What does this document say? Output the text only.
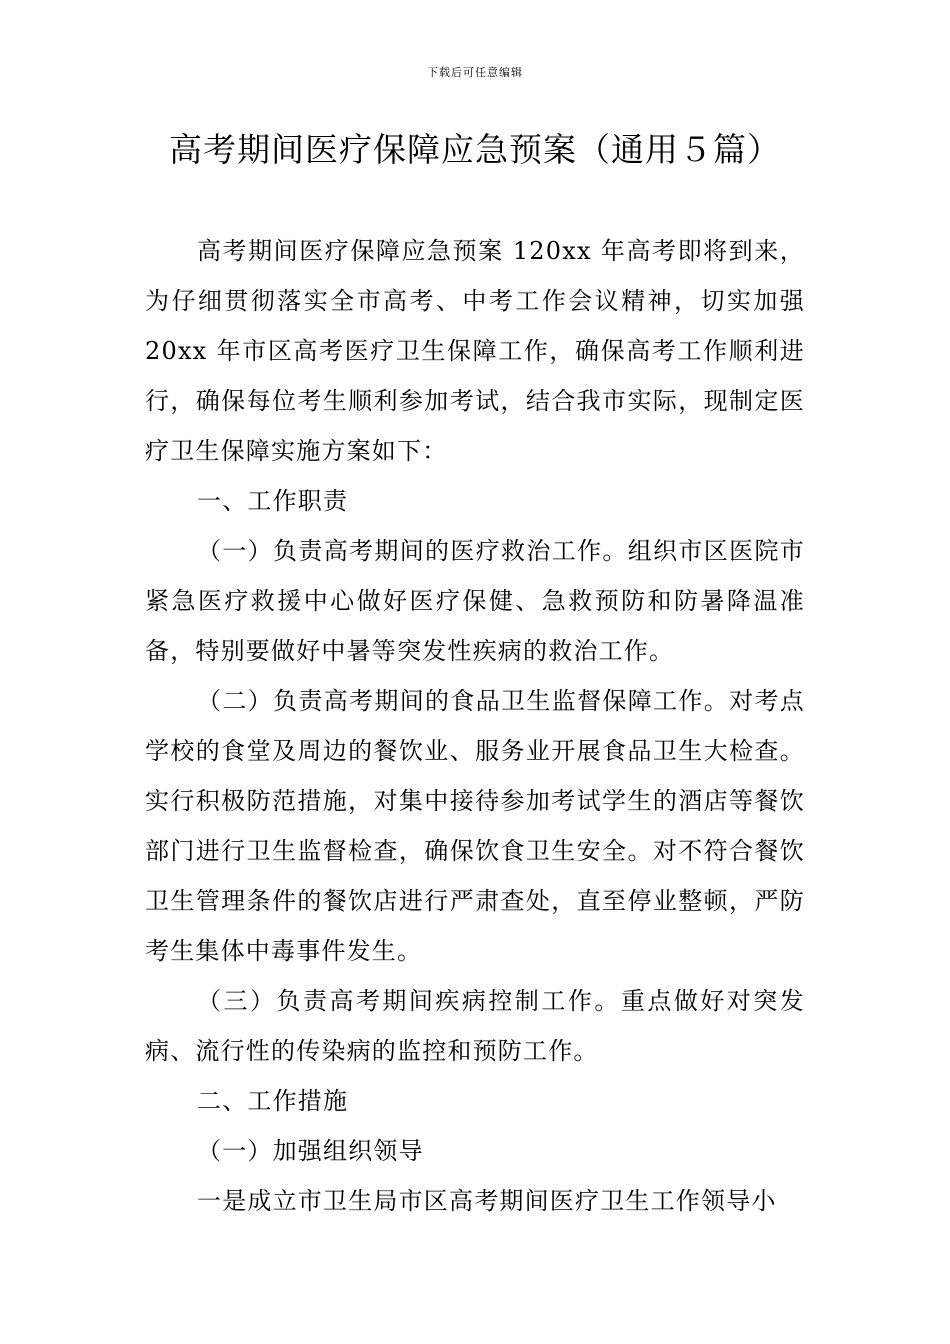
下载后可任意编辑
高考期间医疗保障应急预案（通用５篇）

高考期间医疗保障应急预案 120xx 年高考即将到来，为仔细贯彻落实全市高考、中考工作会议精神，切实加强 20xx 年市区高考医疗卫生保障工作，确保高考工作顺利进行，确保每位考生顺利参加考试，结合我市实际，现制定医疗卫生保障实施方案如下：

一、工作职责

（一）负责高考期间的医疗救治工作。组织市区医院市紧急医疗救援中心做好医疗保健、急救预防和防暑降温准备，特别要做好中暑等突发性疾病的救治工作。

（二）负责高考期间的食品卫生监督保障工作。对考点学校的食堂及周边的餐饮业、服务业开展食品卫生大检查。实行积极防范措施，对集中接待参加考试学生的酒店等餐饮部门进行卫生监督检查，确保饮食卫生安全。对不符合餐饮卫生管理条件的餐饮店进行严肃查处，直至停业整顿，严防考生集体中毒事件发生。

（三）负责高考期间疾病控制工作。重点做好对突发病、流行性的传染病的监控和预防工作。

二、工作措施

（一）加强组织领导

一是成立市卫生局市区高考期间医疗卫生工作领导小
